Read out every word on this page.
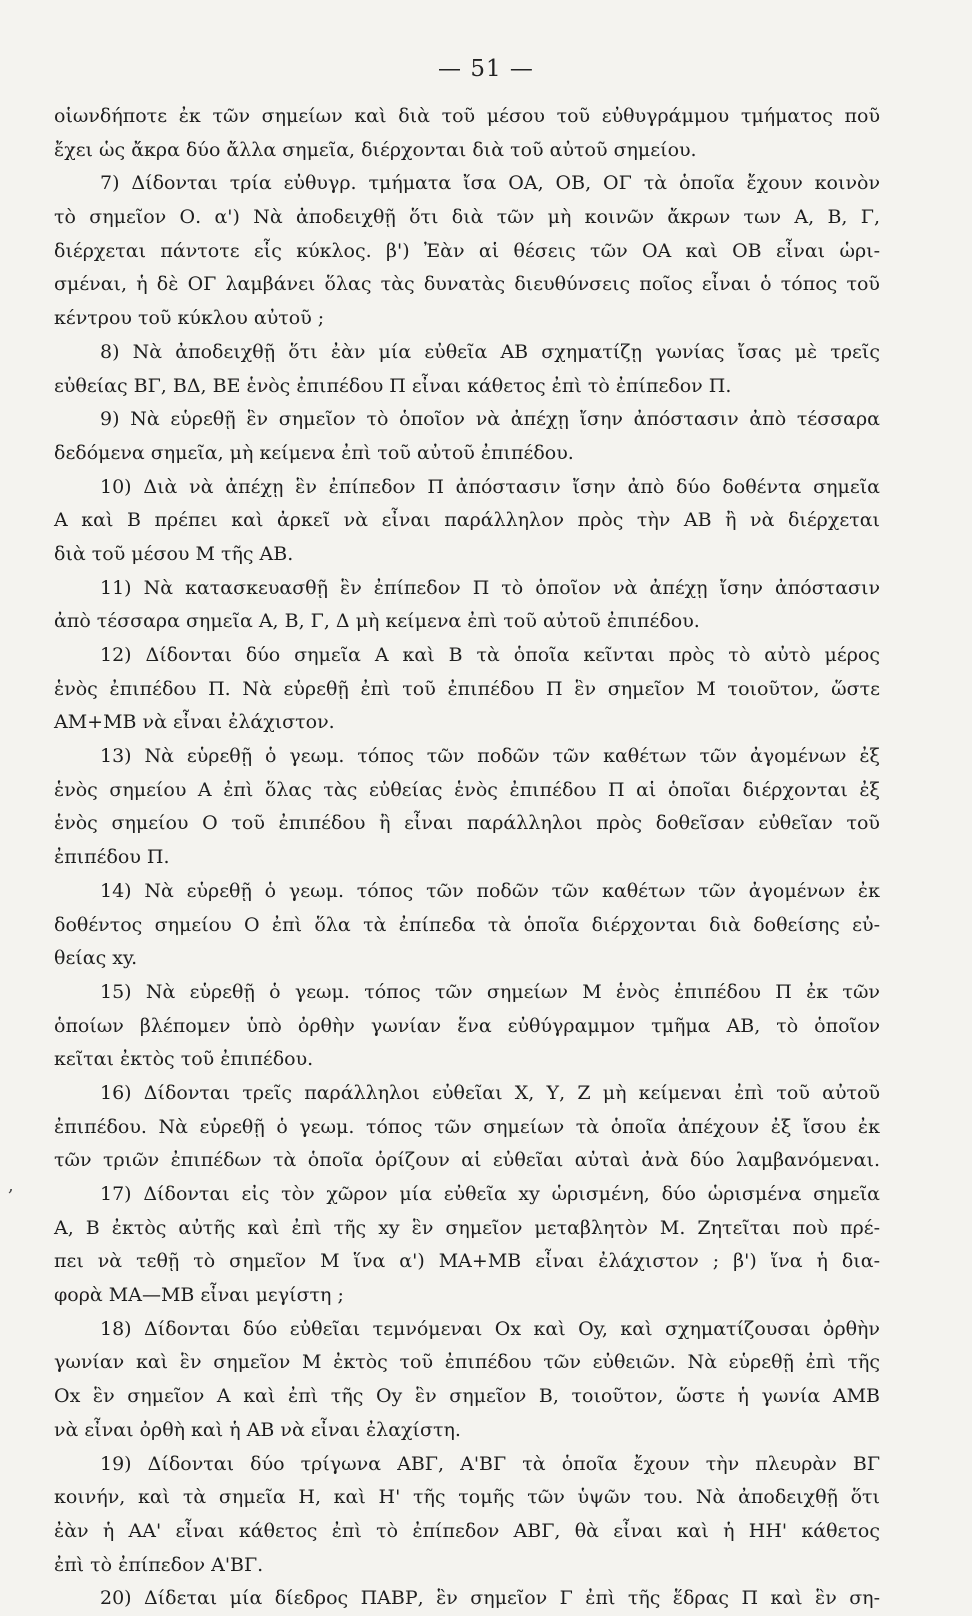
— 51 —
οἱωνδήποτε ἐκ τῶν σημείων καὶ διὰ τοῦ μέσου τοῦ εὐθυγράμμου τμήματος ποῦ
ἔχει ὡς ἄκρα δύο ἄλλα σημεῖα, διέρχονται διὰ τοῦ αὐτοῦ σημείου.
7) Δίδονται τρία εὐθυγρ. τμήματα ἴσα ΟΑ, ΟΒ, ΟΓ τὰ ὁποῖα ἔχουν κοινὸν
τὸ σημεῖον Ο. α') Νὰ ἀποδειχθῇ ὅτι διὰ τῶν μὴ κοινῶν ἄκρων των Α, Β, Γ,
διέρχεται πάντοτε εἷς κύκλος. β') Ἐὰν αἱ θέσεις τῶν ΟΑ καὶ ΟΒ εἶναι ὡρι-
σμέναι, ἡ δὲ ΟΓ λαμβάνει ὅλας τὰς δυνατὰς διευθύνσεις ποῖος εἶναι ὁ τόπος τοῦ
κέντρου τοῦ κύκλου αὐτοῦ ;
8) Νὰ ἀποδειχθῇ ὅτι ἐὰν μία εὐθεῖα ΑΒ σχηματίζῃ γωνίας ἴσας μὲ τρεῖς
εὐθείας ΒΓ, ΒΔ, ΒΕ ἑνὸς ἐπιπέδου Π εἶναι κάθετος ἐπὶ τὸ ἐπίπεδον Π.
9) Νὰ εὑρεθῇ ἓν σημεῖον τὸ ὁποῖον νὰ ἀπέχῃ ἴσην ἀπόστασιν ἀπὸ τέσσαρα
δεδόμενα σημεῖα, μὴ κείμενα ἐπὶ τοῦ αὐτοῦ ἐπιπέδου.
10) Διὰ νὰ ἀπέχῃ ἓν ἐπίπεδον Π ἀπόστασιν ἴσην ἀπὸ δύο δοθέντα σημεῖα
Α καὶ Β πρέπει καὶ ἀρκεῖ νὰ εἶναι παράλληλον πρὸς τὴν ΑΒ ἢ νὰ διέρχεται
διὰ τοῦ μέσου Μ τῆς ΑΒ.
11) Νὰ κατασκευασθῇ ἓν ἐπίπεδον Π τὸ ὁποῖον νὰ ἀπέχῃ ἴσην ἀπόστασιν
ἀπὸ τέσσαρα σημεῖα Α, Β, Γ, Δ μὴ κείμενα ἐπὶ τοῦ αὐτοῦ ἐπιπέδου.
12) Δίδονται δύο σημεῖα Α καὶ Β τὰ ὁποῖα κεῖνται πρὸς τὸ αὐτὸ μέρος
ἑνὸς ἐπιπέδου Π. Νὰ εὑρεθῇ ἐπὶ τοῦ ἐπιπέδου Π ἓν σημεῖον Μ τοιοῦτον, ὥστε
ΑΜ+ΜΒ νὰ εἶναι ἐλάχιστον.
13) Νὰ εὑρεθῇ ὁ γεωμ. τόπος τῶν ποδῶν τῶν καθέτων τῶν ἀγομένων ἐξ
ἑνὸς σημείου Α ἐπὶ ὅλας τὰς εὐθείας ἑνὸς ἐπιπέδου Π αἱ ὁποῖαι διέρχονται ἐξ
ἑνὸς σημείου Ο τοῦ ἐπιπέδου ἢ εἶναι παράλληλοι πρὸς δοθεῖσαν εὐθεῖαν τοῦ
ἐπιπέδου Π.
14) Νὰ εὑρεθῇ ὁ γεωμ. τόπος τῶν ποδῶν τῶν καθέτων τῶν ἀγομένων ἐκ
δοθέντος σημείου Ο ἐπὶ ὅλα τὰ ἐπίπεδα τὰ ὁποῖα διέρχονται διὰ δοθείσης εὐ-
θείας xy.
15) Νὰ εὑρεθῇ ὁ γεωμ. τόπος τῶν σημείων Μ ἑνὸς ἐπιπέδου Π ἐκ τῶν
ὁποίων βλέπομεν ὑπὸ ὀρθὴν γωνίαν ἕνα εὐθύγραμμον τμῆμα ΑΒ, τὸ ὁποῖον
κεῖται ἐκτὸς τοῦ ἐπιπέδου.
16) Δίδονται τρεῖς παράλληλοι εὐθεῖαι Χ, Υ, Ζ μὴ κείμεναι ἐπὶ τοῦ αὐτοῦ
ἐπιπέδου. Νὰ εὑρεθῇ ὁ γεωμ. τόπος τῶν σημείων τὰ ὁποῖα ἀπέχουν ἐξ ἴσου ἐκ
τῶν τριῶν ἐπιπέδων τὰ ὁποῖα ὁρίζουν αἱ εὐθεῖαι αὐταὶ ἀνὰ δύο λαμβανόμεναι.
17) Δίδονται εἰς τὸν χῶρον μία εὐθεῖα xy ὡρισμένη, δύο ὡρισμένα σημεῖα
Α, Β ἐκτὸς αὐτῆς καὶ ἐπὶ τῆς xy ἓν σημεῖον μεταβλητὸν Μ. Ζητεῖται ποὺ πρέ-
πει νὰ τεθῇ τὸ σημεῖον Μ ἵνα α') ΜΑ+ΜΒ εἶναι ἐλάχιστον ; β') ἵνα ἡ δια-
φορὰ ΜΑ—ΜΒ εἶναι μεγίστη ;
18) Δίδονται δύο εὐθεῖαι τεμνόμεναι Οx καὶ Οy, καὶ σχηματίζουσαι ὀρθὴν
γωνίαν καὶ ἓν σημεῖον Μ ἐκτὸς τοῦ ἐπιπέδου τῶν εὐθειῶν. Νὰ εὑρεθῇ ἐπὶ τῆς
Οx ἓν σημεῖον Α καὶ ἐπὶ τῆς Οy ἓν σημεῖον Β, τοιοῦτον, ὥστε ἡ γωνία ΑΜΒ
νὰ εἶναι ὀρθὴ καὶ ἡ ΑΒ νὰ εἶναι ἐλαχίστη.
19) Δίδονται δύο τρίγωνα ΑΒΓ, Α'ΒΓ τὰ ὁποῖα ἔχουν τὴν πλευρὰν ΒΓ
κοινήν, καὶ τὰ σημεῖα Η, καὶ Η' τῆς τομῆς τῶν ὑψῶν του. Νὰ ἀποδειχθῇ ὅτι
ἐὰν ἡ ΑΑ' εἶναι κάθετος ἐπὶ τὸ ἐπίπεδον ΑΒΓ, θὰ εἶναι καὶ ἡ ΗΗ' κάθετος
ἐπὶ τὸ ἐπίπεδον Α'ΒΓ.
20) Δίδεται μία δίεδρος ΠΑΒΡ, ἓν σημεῖον Γ ἐπὶ τῆς ἕδρας Π καὶ ἓν ση-
,
